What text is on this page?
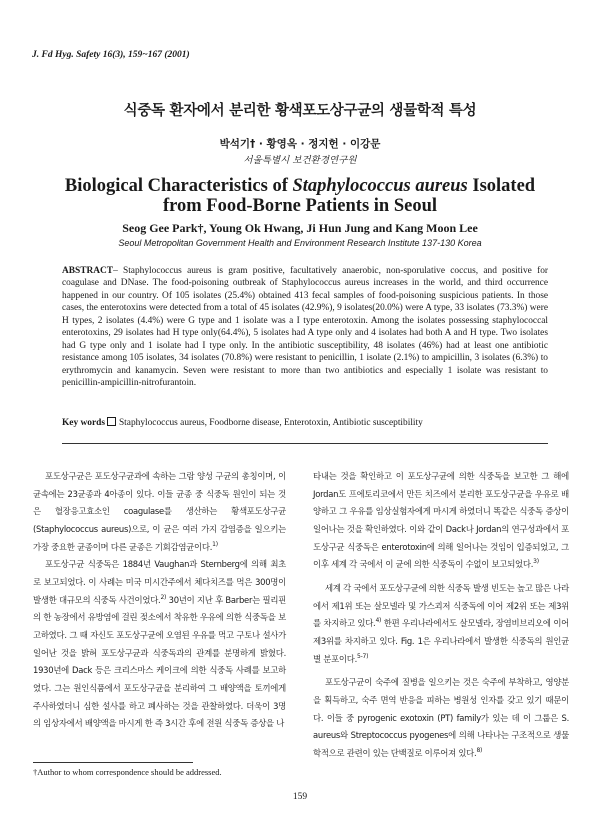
J. Fd Hyg. Safety 16(3), 159~167 (2001)
식중독 환자에서 분리한 황색포도상구균의 생물학적 특성
박석기† · 황영옥 · 정지헌 · 이강문
서울특별시 보건환경연구원
Biological Characteristics of Staphylococcus aureus Isolated
from Food-Borne Patients in Seoul
Seog Gee Park†, Young Ok Hwang, Ji Hun Jung and Kang Moon Lee
Seoul Metropolitan Government Health and Environment Research Institute 137-130 Korea
ABSTRACT– Staphylococcus aureus is gram positive, facultatively anaerobic, non-sporulative coccus, and positive for coagulase and DNase. The food-poisoning outbreak of Staphylococcus aureus increases in the world, and third occurrence happened in our country. Of 105 isolates (25.4%) obtained 413 fecal samples of food-poisoning suspicious patients. In those cases, the enterotoxins were detected from a total of 45 isolates (42.9%), 9 isolates(20.0%) were A type, 33 isolates (73.3%) were H types, 2 isolates (4.4%) were G type and 1 isolate was a I type enterotoxin. Among the isolates possessing staphylococcal enterotoxins, 29 isolates had H type only(64.4%), 5 isolates had A type only and 4 isolates had both A and H type. Two isolates had G type only and 1 isolate had I type only. In the antibiotic susceptibility, 48 isolates (46%) had at least one antibiotic resistance among 105 isolates, 34 isolates (70.8%) were resistant to penicillin, 1 isolate (2.1%) to ampicillin, 3 isolates (6.3%) to erythromycin and kanamycin. Seven were resistant to more than two antibiotics and especially 1 isolate was resistant to penicillin-ampicillin-nitrofurantoin.
Key words Staphylococcus aureus, Foodborne disease, Enterotoxin, Antibiotic susceptibility

포도상구균은 포도상구균과에 속하는 그람 양성 구균의 총칭이며, 이 균속에는 23균종과 4아종이 있다. 이들 균종 중 식중독 원인이 되는 것은 혈장응고효소인 coagulase를 생산하는 황색포도상구균(Staphylococcus aureus)으로, 이 균은 여러 가지 감염증을 일으키는 가장 중요한 균종이며 다른 균종은 기회감염균이다.$^{1)}$

포도상구균 식중독은 1884년 Vaughan과 Sternberg에 의해 최초로 보고되었다. 이 사례는 미국 미시간주에서 체다치즈를 먹은 300명이 발생한 대규모의 식중독 사건이었다.$^{2)}$ 30년이 지난 후 Barber는 필리핀의 한 농장에서 유방염에 걸린 젖소에서 착유한 우유에 의한 식중독을 보고하였다. 그 때 자신도 포도상구균에 오염된 우유를 먹고 구토나 설사가 일어난 것을 밝혀 포도상구균과 식중독과의 관계를 분명하게 밝혔다. 1930년에 Dack 등은 크리스마스 케이크에 의한 식중독 사례를 보고하였다. 그는 원인식품에서 포도상구균을 분리하여 그 배양액을 토끼에게 주사하였더니 심한 설사를 하고 폐사하는 것을 관찰하였다. 더욱이 3명의 임상자에서 배양액을 마시게 한 즉 3시간 후에 전원 식중독 증상을 나

타내는 것을 확인하고 이 포도상구균에 의한 식중독을 보고한 그 해에 Jordan도 프에토리코에서 만든 치즈에서 분리한 포도상구균을 우유로 배양하고 그 우유를 임상실험자에게 마시게 하였더니 똑같은 식중독 증상이 일어나는 것을 확인하였다. 이와 같이 Dack나 Jordan의 연구성과에서 포도상구균 식중독은 enterotoxin에 의해 일어나는 것임이 입증되었고, 그 이후 세계 각 국에서 이 균에 의한 식중독이 수없이 보고되었다.$^{3)}$

세계 각 국에서 포도상구균에 의한 식중독 발생 빈도는 높고 많은 나라에서 제1위 또는 살모넬라 및 가스괴저 식중독에 이어 제2위 또는 제3위를 차지하고 있다.$^{4)}$ 한편 우리나라에서도 살모넬라, 장염비브리오에 이어 제3위를 차지하고 있다. Fig. 1은 우리나라에서 발생한 식중독의 원인균별 분포이다.$^{5-7)}$

포도상구균이 숙주에 질병을 일으키는 것은 숙주에 부착하고, 영양분을 획득하고, 숙주 면역 반응을 피하는 병원성 인자를 갖고 있기 때문이다. 이들 중 pyrogenic exotoxin (PT) family가 있는 데 이 그룹은 S. aureus와 Streptococcus pyogenes에 의해 나타나는 구조적으로 생물학적으로 관련이 있는 단백질로 이루어져 있다.$^{8)}$

†Author to whom correspondence should be addressed.
159
